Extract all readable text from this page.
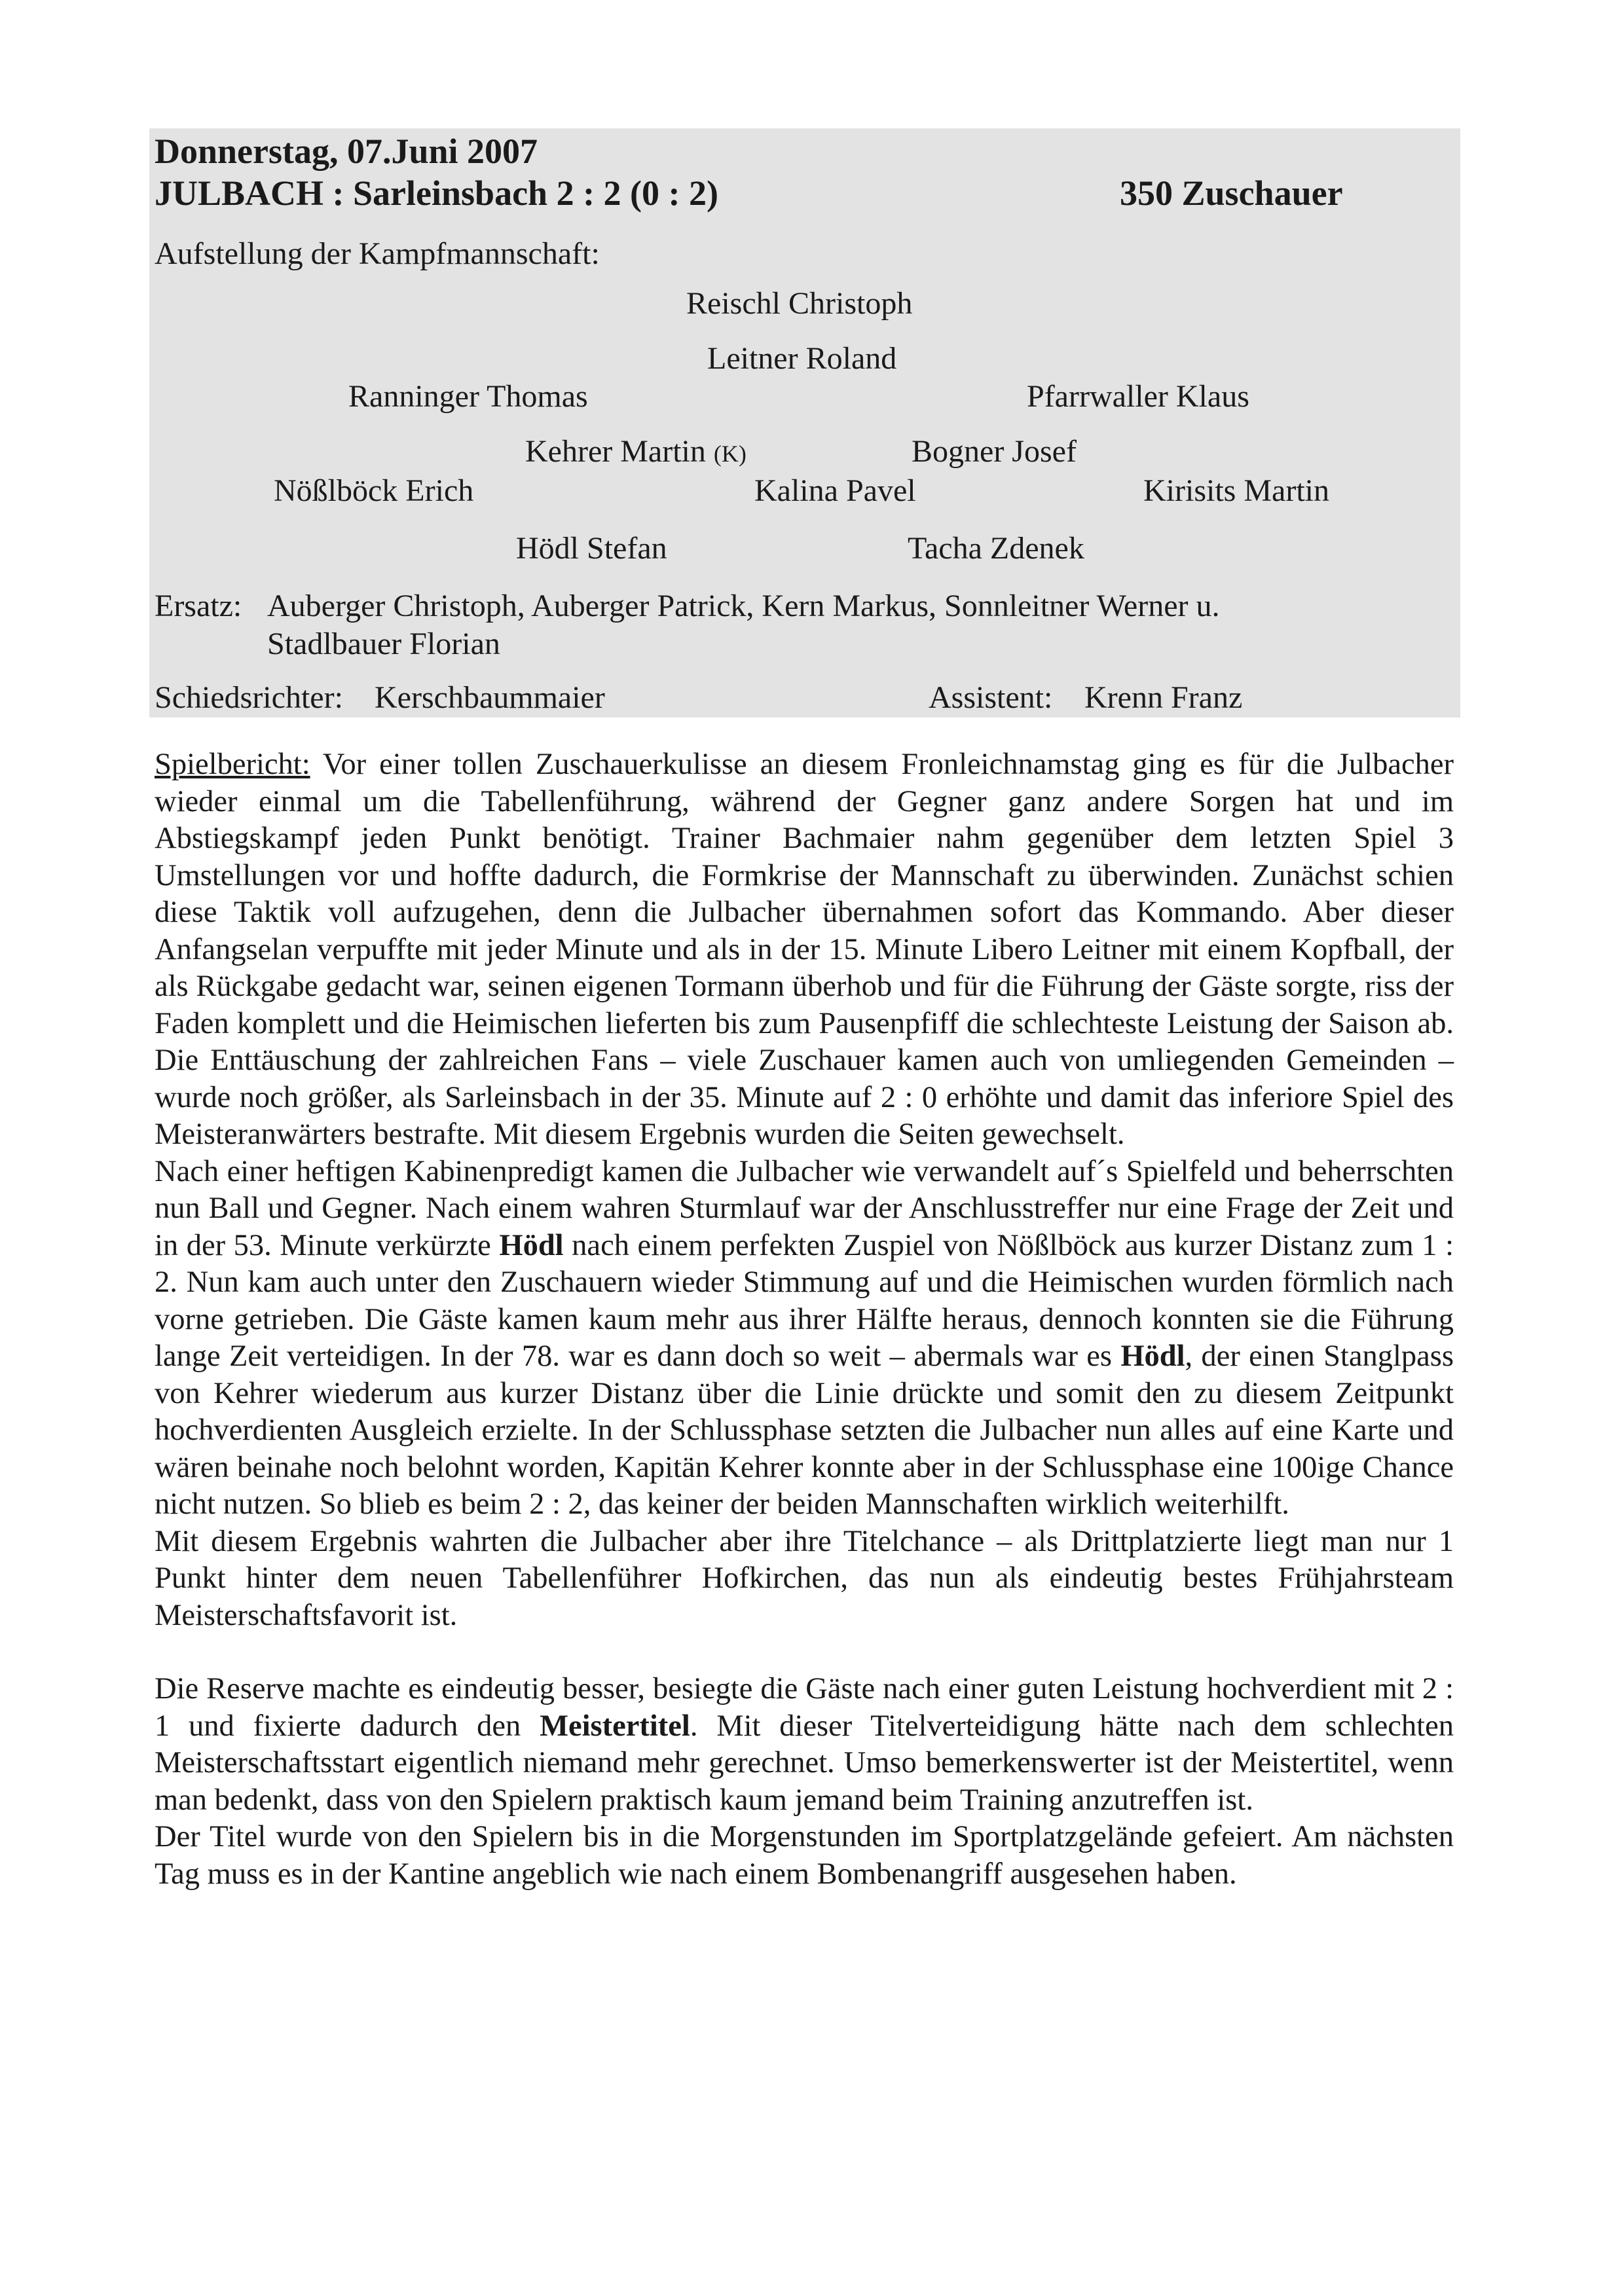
Donnerstag, 07.Juni 2007
JULBACH : Sarleinsbach 2 : 2 (0 : 2)	350 Zuschauer
Aufstellung der Kampfmannschaft:
Reischl Christoph
Leitner Roland
Ranninger Thomas	Pfarrwaller Klaus
Kehrer Martin (K)	Bogner Josef
Nößlböck Erich	Kalina Pavel	Kirisits Martin
Hödl Stefan	Tacha Zdenek
Ersatz: Auberger Christoph, Auberger Patrick, Kern Markus, Sonnleitner Werner u.
Stadlbauer Florian
Schiedsrichter: Kerschbaummaier	Assistent: Krenn Franz

Spielbericht: Vor einer tollen Zuschauerkulisse an diesem Fronleichnamstag ging es für die Julbacher wieder einmal um die Tabellenführung, während der Gegner ganz andere Sorgen hat und im Abstiegskampf jeden Punkt benötigt. Trainer Bachmaier nahm gegenüber dem letzten Spiel 3 Umstellungen vor und hoffte dadurch, die Formkrise der Mannschaft zu überwinden. Zunächst schien diese Taktik voll aufzugehen, denn die Julbacher übernahmen sofort das Kommando. Aber dieser Anfangselan verpuffte mit jeder Minute und als in der 15. Minute Libero Leitner mit einem Kopfball, der als Rückgabe gedacht war, seinen eigenen Tormann überhob und für die Führung der Gäste sorgte, riss der Faden komplett und die Heimischen lieferten bis zum Pausenpfiff die schlechteste Leistung der Saison ab. Die Enttäuschung der zahlreichen Fans – viele Zuschauer kamen auch von umliegenden Gemeinden – wurde noch größer, als Sarleinsbach in der 35. Minute auf 2 : 0 erhöhte und damit das inferiore Spiel des Meisteranwärters bestrafte. Mit diesem Ergebnis wurden die Seiten gewechselt.

Nach einer heftigen Kabinenpredigt kamen die Julbacher wie verwandelt auf´s Spielfeld und beherrschten nun Ball und Gegner. Nach einem wahren Sturmlauf war der Anschlusstreffer nur eine Frage der Zeit und in der 53. Minute verkürzte Hödl nach einem perfekten Zuspiel von Nößlböck aus kurzer Distanz zum 1 : 2. Nun kam auch unter den Zuschauern wieder Stimmung auf und die Heimischen wurden förmlich nach vorne getrieben. Die Gäste kamen kaum mehr aus ihrer Hälfte heraus, dennoch konnten sie die Führung lange Zeit verteidigen. In der 78. war es dann doch so weit – abermals war es Hödl, der einen Stanglpass von Kehrer wiederum aus kurzer Distanz über die Linie drückte und somit den zu diesem Zeitpunkt hochverdienten Ausgleich erzielte. In der Schlussphase setzten die Julbacher nun alles auf eine Karte und wären beinahe noch belohnt worden, Kapitän Kehrer konnte aber in der Schlussphase eine 100ige Chance nicht nutzen. So blieb es beim 2 : 2, das keiner der beiden Mannschaften wirklich weiterhilft.

Mit diesem Ergebnis wahrten die Julbacher aber ihre Titelchance – als Drittplatzierte liegt man nur 1 Punkt hinter dem neuen Tabellenführer Hofkirchen, das nun als eindeutig bestes Frühjahrsteam Meisterschaftsfavorit ist.

Die Reserve machte es eindeutig besser, besiegte die Gäste nach einer guten Leistung hochverdient mit 2 : 1 und fixierte dadurch den Meistertitel. Mit dieser Titelverteidigung hätte nach dem schlechten Meisterschaftsstart eigentlich niemand mehr gerechnet. Umso bemerkenswerter ist der Meistertitel, wenn man bedenkt, dass von den Spielern praktisch kaum jemand beim Training anzutreffen ist.

Der Titel wurde von den Spielern bis in die Morgenstunden im Sportplatzgelände gefeiert. Am nächsten Tag muss es in der Kantine angeblich wie nach einem Bombenangriff ausgesehen haben.
